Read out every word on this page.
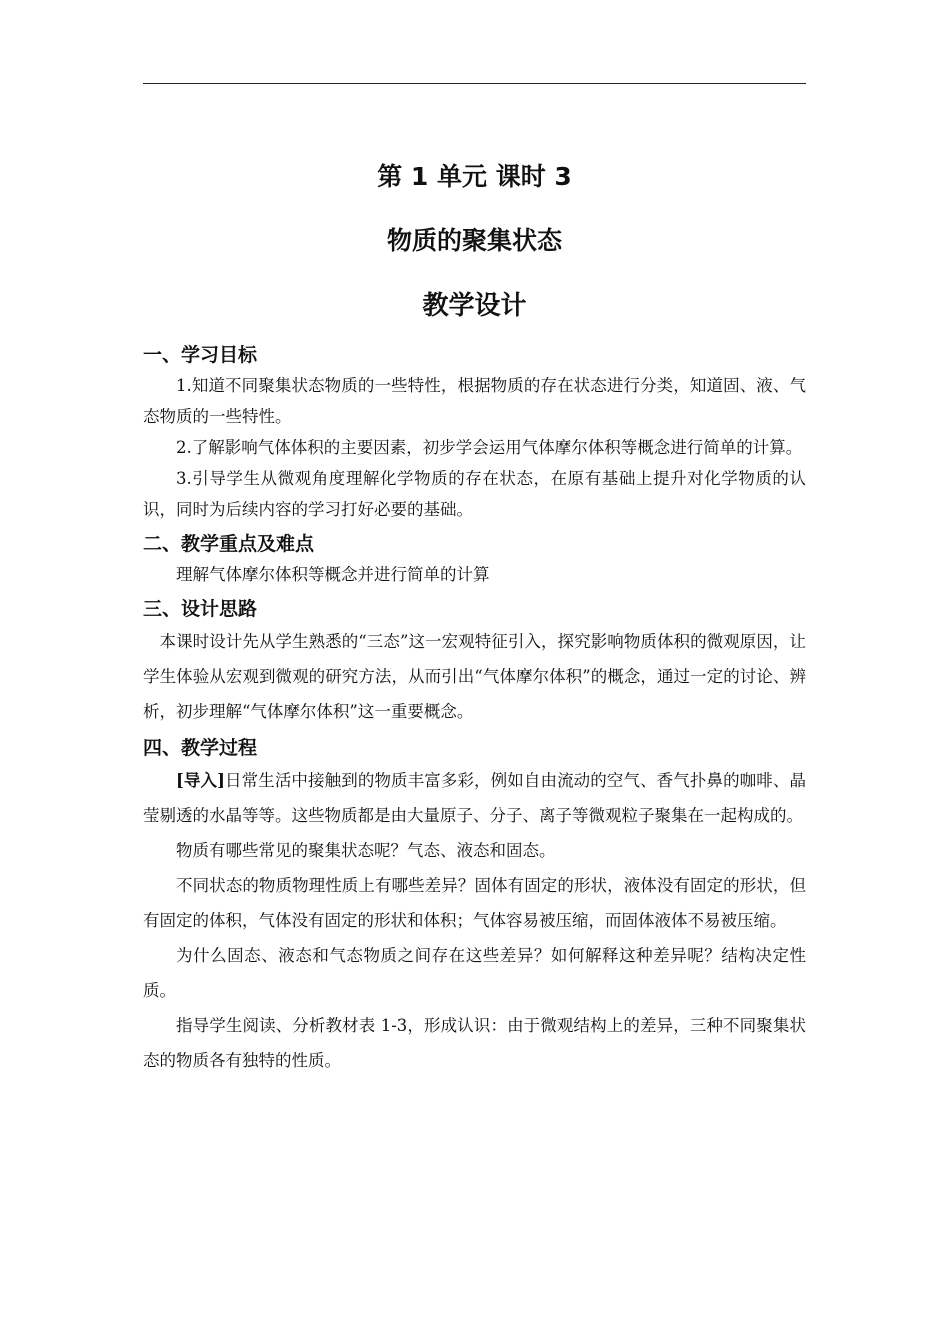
第 1 单元 课时 3
物质的聚集状态
教学设计

一、学习目标

1.知道不同聚集状态物质的一些特性，根据物质的存在状态进行分类，知道固、液、气态物质的一些特性。

2.了解影响气体体积的主要因素，初步学会运用气体摩尔体积等概念进行简单的计算。

3.引导学生从微观角度理解化学物质的存在状态，在原有基础上提升对化学物质的认识，同时为后续内容的学习打好必要的基础。

二、教学重点及难点

理解气体摩尔体积等概念并进行简单的计算

三、设计思路

本课时设计先从学生熟悉的“三态”这一宏观特征引入，探究影响物质体积的微观原因，让学生体验从宏观到微观的研究方法，从而引出“气体摩尔体积”的概念，通过一定的讨论、辨析，初步理解“气体摩尔体积”这一重要概念。

四、教学过程

[导入]日常生活中接触到的物质丰富多彩，例如自由流动的空气、香气扑鼻的咖啡、晶莹剔透的水晶等等。这些物质都是由大量原子、分子、离子等微观粒子聚集在一起构成的。

物质有哪些常见的聚集状态呢？气态、液态和固态。

不同状态的物质物理性质上有哪些差异？固体有固定的形状，液体没有固定的形状，但有固定的体积，气体没有固定的形状和体积；气体容易被压缩，而固体液体不易被压缩。

为什么固态、液态和气态物质之间存在这些差异？如何解释这种差异呢？结构决定性质。

指导学生阅读、分析教材表 1-3，形成认识：由于微观结构上的差异，三种不同聚集状态的物质各有独特的性质。
